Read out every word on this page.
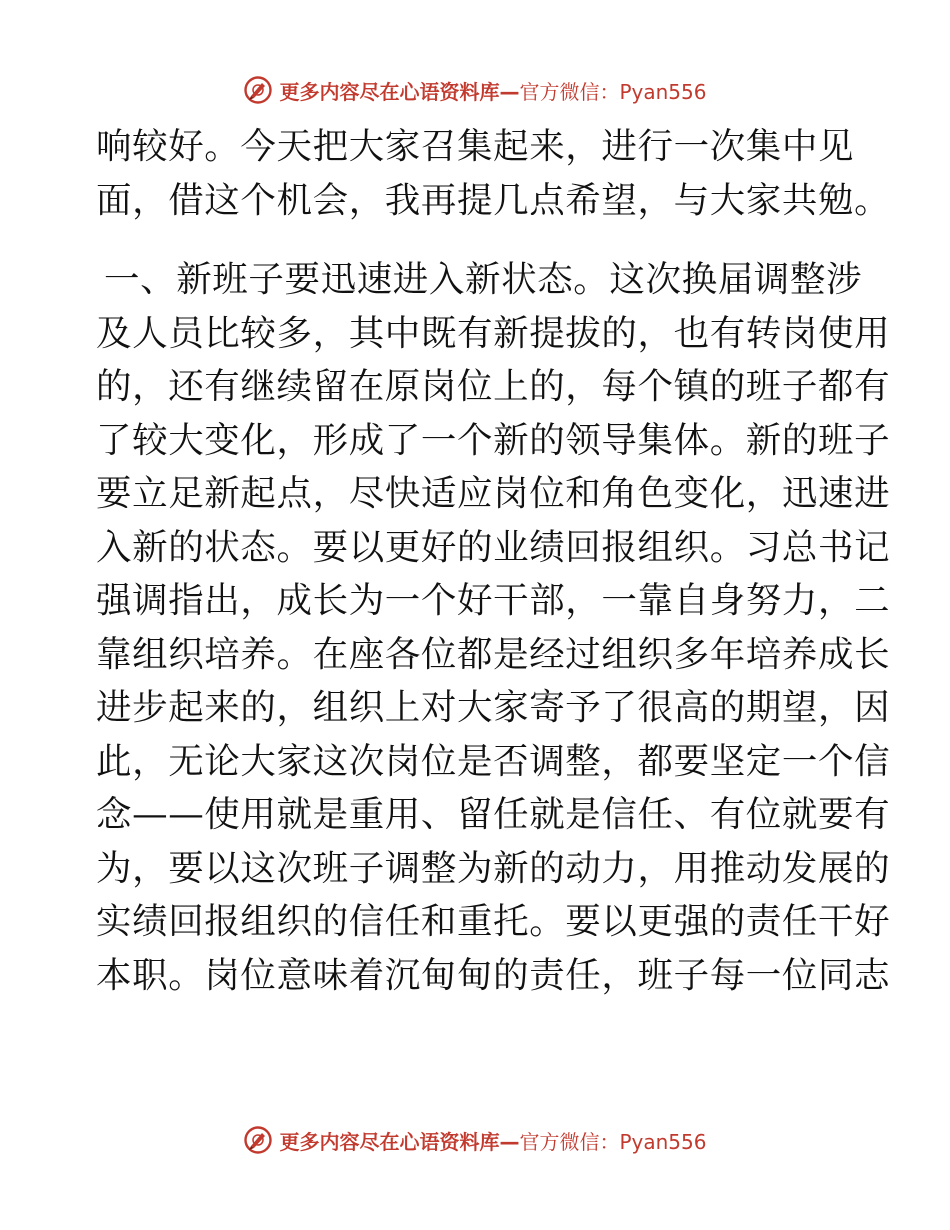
更多内容尽在心语资料库— 官方微信：Pyan556
响较好。今天把大家召集起来，进行一次集中见
面，借这个机会，我再提几点希望，与大家共勉。
一、新班子要迅速进入新状态。这次换届调整涉
及人员比较多，其中既有新提拔的，也有转岗使用
的，还有继续留在原岗位上的，每个镇的班子都有
了较大变化，形成了一个新的领导集体。新的班子
要立足新起点，尽快适应岗位和角色变化，迅速进
入新的状态。要以更好的业绩回报组织。习总书记
强调指出，成长为一个好干部，一靠自身努力，二
靠组织培养。在座各位都是经过组织多年培养成长
进步起来的，组织上对大家寄予了很高的期望，因
此，无论大家这次岗位是否调整，都要坚定一个信
念——使用就是重用、留任就是信任、有位就要有
为，要以这次班子调整为新的动力，用推动发展的
实绩回报组织的信任和重托。要以更强的责任干好
本职。岗位意味着沉甸甸的责任，班子每一位同志
更多内容尽在心语资料库— 官方微信：Pyan556
